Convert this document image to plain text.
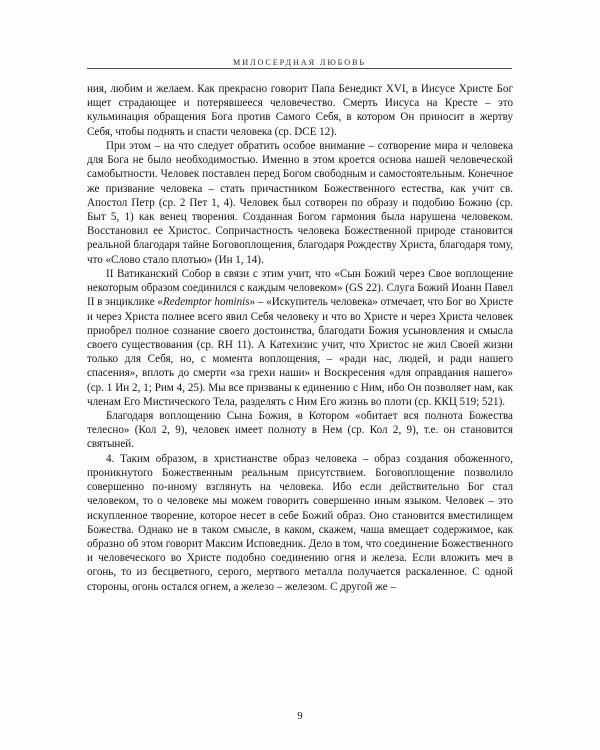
МИЛОСЕРДНАЯ ЛЮБОВЬ

ния, любим и желаем. Как прекрасно говорит Папа Бенедикт XVI, в Иисусе Христе Бог ищет страдающее и потерявшееся человечество. Смерть Иисуса на Кресте – это кульминация обращения Бога против Самого Себя, в котором Он приносит в жертву Себя, чтобы поднять и спасти человека (ср. DCE 12).

При этом – на что следует обратить особое внимание – сотворение мира и человека для Бога не было необходимостью. Именно в этом кроется основа нашей человеческой самобытности. Человек поставлен перед Богом свободным и самостоятельным. Конечное же призвание человека – стать причастником Божественного естества, как учит св. Апостол Петр (ср. 2 Пет 1, 4). Человек был сотворен по образу и подобию Божию (ср. Быт 5, 1) как венец творения. Созданная Богом гармония была нарушена человеком. Восстановил ее Христос. Сопричастность человека Божественной природе становится реальной благодаря тайне Боговоплощения, благодаря Рождеству Христа, благодаря тому, что «Слово стало плотью» (Ин 1, 14).

II Ватиканский Собор в связи с этим учит, что «Сын Божий через Свое воплощение некоторым образом соединился с каждым человеком» (GS 22). Слуга Божий Иоанн Павел II в энциклике «Redemptor hominis» – «Искупитель человека» отмечает, что Бог во Христе и через Христа полнее всего явил Себя человеку и что во Христе и через Христа человек приобрел полное сознание своего достоинства, благодати Божия усыновления и смысла своего существования (ср. RH 11). А Катехизис учит, что Христос не жил Своей жизни только для Себя, но, с момента воплощения, – «ради нас, людей, и ради нашего спасения», вплоть до смерти «за грехи наши» и Воскресения «для оправдания нашего» (ср. 1 Ин 2, 1; Рим 4, 25). Мы все призваны к единению с Ним, ибо Он позволяет нам, как членам Его Мистического Тела, разделять с Ним Его жизнь во плоти (ср. ККЦ 519; 521).

Благодаря воплощению Сына Божия, в Котором «обитает вся полнота Божества телесно» (Кол 2, 9), человек имеет полноту в Нем (ср. Кол 2, 9), т.е. он становится святыней.

4. Таким образом, в христианстве образ человека – образ создания обоженного, проникнутого Божественным реальным присутствием. Боговоплощение позволило совершенно по-иному взглянуть на человека. Ибо если действительно Бог стал человеком, то о человеке мы можем говорить совершенно иным языком. Человек – это искупленное творение, которое несет в себе Божий образ. Оно становится вместилищем Божества. Однако не в таком смысле, в каком, скажем, чаша вмещает содержимое, как образно об этом говорит Максим Исповедник. Дело в том, что соединение Божественного и человеческого во Христе подобно соединению огня и железа. Если вложить меч в огонь, то из бесцветного, серого, мертвого металла получается раскаленное. С одной стороны, огонь остался огнем, а железо – железом. С другой же –

9
